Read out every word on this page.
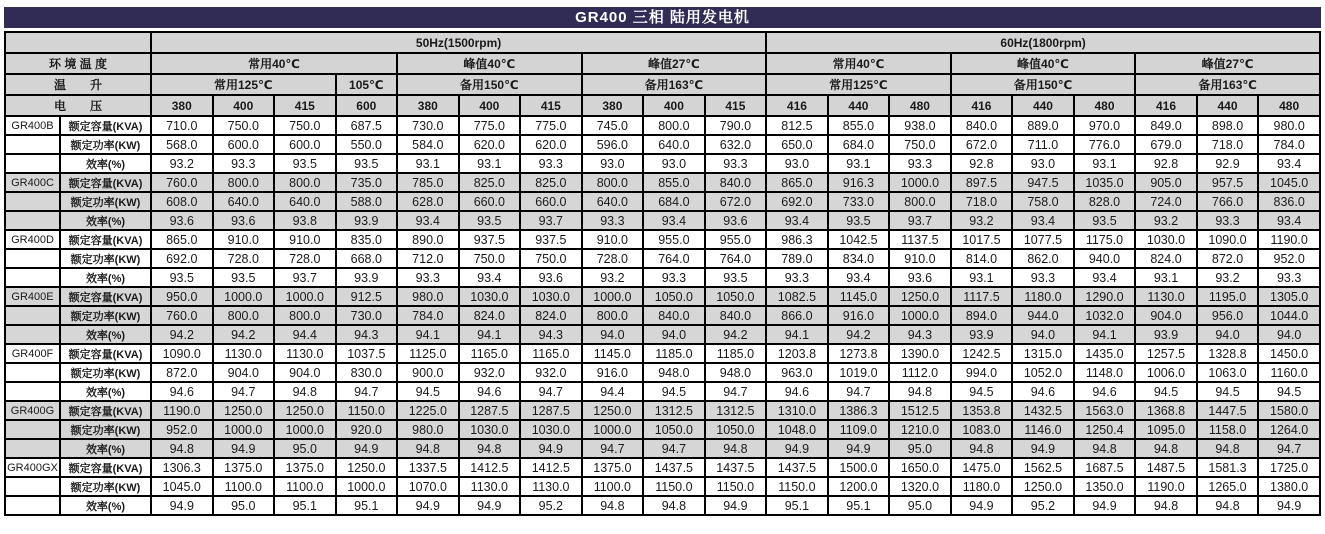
GR400 三相 陆用发电机
		50Hz(1500rpm)										60Hz(1800rpm)								
环 境 温 度		常用40℃				峰值40℃			峰值27℃			常用40℃			峰值40℃			峰值27℃		
温　　升		常用125℃			105℃	备用150℃			备用163℃			常用125℃			备用150℃			备用163℃		
电　　压		380	400	415	600	380	400	415	380	400	415	416	440	480	416	440	480	416	440	480
GR400B	额定容量(KVA)	710.0	750.0	750.0	687.5	730.0	775.0	775.0	745.0	800.0	790.0	812.5	855.0	938.0	840.0	889.0	970.0	849.0	898.0	980.0
	额定功率(KW)	568.0	600.0	600.0	550.0	584.0	620.0	620.0	596.0	640.0	632.0	650.0	684.0	750.0	672.0	711.0	776.0	679.0	718.0	784.0
	效率(%)	93.2	93.3	93.5	93.5	93.1	93.1	93.3	93.0	93.0	93.3	93.0	93.1	93.3	92.8	93.0	93.1	92.8	92.9	93.4
GR400C	额定容量(KVA)	760.0	800.0	800.0	735.0	785.0	825.0	825.0	800.0	855.0	840.0	865.0	916.3	1000.0	897.5	947.5	1035.0	905.0	957.5	1045.0
	额定功率(KW)	608.0	640.0	640.0	588.0	628.0	660.0	660.0	640.0	684.0	672.0	692.0	733.0	800.0	718.0	758.0	828.0	724.0	766.0	836.0
	效率(%)	93.6	93.6	93.8	93.9	93.4	93.5	93.7	93.3	93.4	93.6	93.4	93.5	93.7	93.2	93.4	93.5	93.2	93.3	93.4
GR400D	额定容量(KVA)	865.0	910.0	910.0	835.0	890.0	937.5	937.5	910.0	955.0	955.0	986.3	1042.5	1137.5	1017.5	1077.5	1175.0	1030.0	1090.0	1190.0
	额定功率(KW)	692.0	728.0	728.0	668.0	712.0	750.0	750.0	728.0	764.0	764.0	789.0	834.0	910.0	814.0	862.0	940.0	824.0	872.0	952.0
	效率(%)	93.5	93.5	93.7	93.9	93.3	93.4	93.6	93.2	93.3	93.5	93.3	93.4	93.6	93.1	93.3	93.4	93.1	93.2	93.3
GR400E	额定容量(KVA)	950.0	1000.0	1000.0	912.5	980.0	1030.0	1030.0	1000.0	1050.0	1050.0	1082.5	1145.0	1250.0	1117.5	1180.0	1290.0	1130.0	1195.0	1305.0
	额定功率(KW)	760.0	800.0	800.0	730.0	784.0	824.0	824.0	800.0	840.0	840.0	866.0	916.0	1000.0	894.0	944.0	1032.0	904.0	956.0	1044.0
	效率(%)	94.2	94.2	94.4	94.3	94.1	94.1	94.3	94.0	94.0	94.2	94.1	94.2	94.3	93.9	94.0	94.1	93.9	94.0	94.0
GR400F	额定容量(KVA)	1090.0	1130.0	1130.0	1037.5	1125.0	1165.0	1165.0	1145.0	1185.0	1185.0	1203.8	1273.8	1390.0	1242.5	1315.0	1435.0	1257.5	1328.8	1450.0
	额定功率(KW)	872.0	904.0	904.0	830.0	900.0	932.0	932.0	916.0	948.0	948.0	963.0	1019.0	1112.0	994.0	1052.0	1148.0	1006.0	1063.0	1160.0
	效率(%)	94.6	94.7	94.8	94.7	94.5	94.6	94.7	94.4	94.5	94.7	94.6	94.7	94.8	94.5	94.6	94.6	94.5	94.5	94.5
GR400G	额定容量(KVA)	1190.0	1250.0	1250.0	1150.0	1225.0	1287.5	1287.5	1250.0	1312.5	1312.5	1310.0	1386.3	1512.5	1353.8	1432.5	1563.0	1368.8	1447.5	1580.0
	额定功率(KW)	952.0	1000.0	1000.0	920.0	980.0	1030.0	1030.0	1000.0	1050.0	1050.0	1048.0	1109.0	1210.0	1083.0	1146.0	1250.4	1095.0	1158.0	1264.0
	效率(%)	94.8	94.9	95.0	94.9	94.8	94.8	94.9	94.7	94.7	94.8	94.9	94.9	95.0	94.8	94.9	94.8	94.8	94.8	94.7
GR400GX	额定容量(KVA)	1306.3	1375.0	1375.0	1250.0	1337.5	1412.5	1412.5	1375.0	1437.5	1437.5	1437.5	1500.0	1650.0	1475.0	1562.5	1687.5	1487.5	1581.3	1725.0
	额定功率(KW)	1045.0	1100.0	1100.0	1000.0	1070.0	1130.0	1130.0	1100.0	1150.0	1150.0	1150.0	1200.0	1320.0	1180.0	1250.0	1350.0	1190.0	1265.0	1380.0
	效率(%)	94.9	95.0	95.1	95.1	94.9	94.9	95.2	94.8	94.8	94.9	95.1	95.1	95.0	94.9	95.2	94.9	94.8	94.8	94.9
